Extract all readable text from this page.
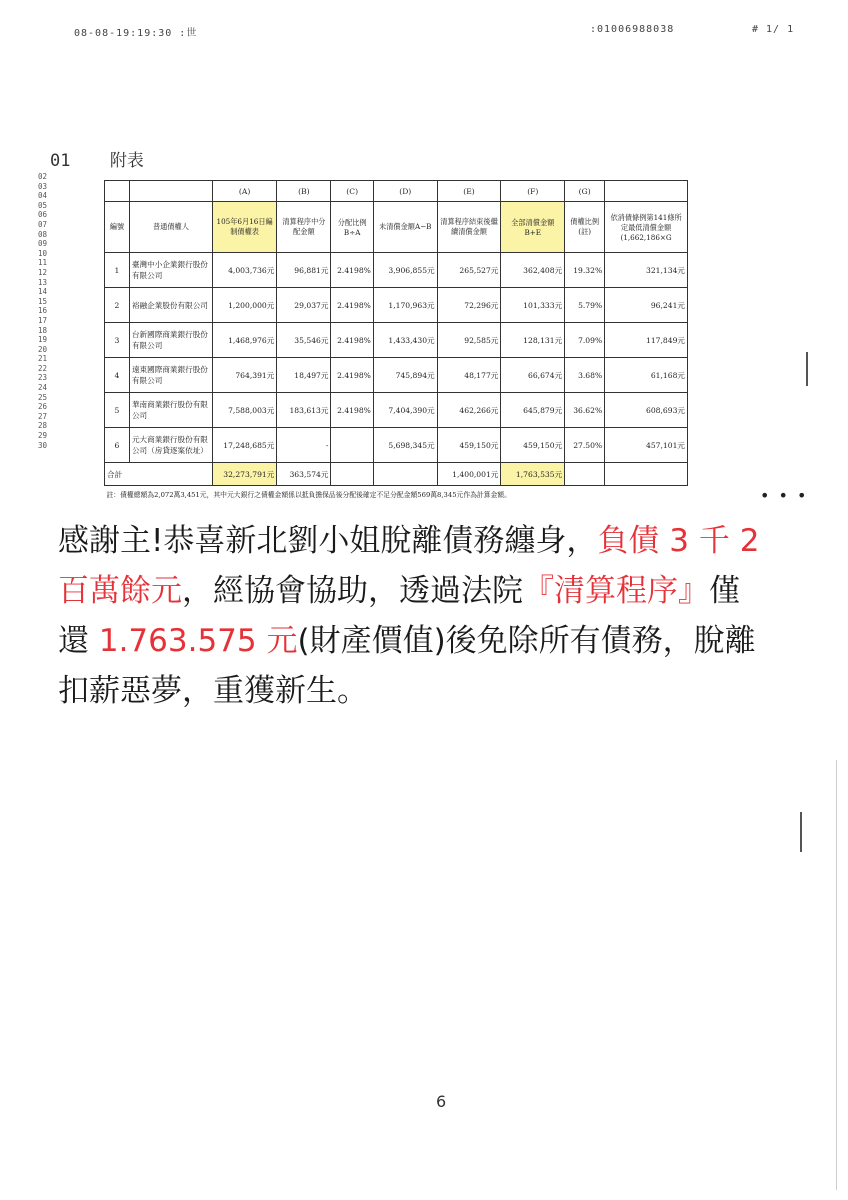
08-08-19:19:30 :世	:01006988038	# 1/ 1
01 附表
02
03
04
05
06
07
08
09
10
11
12
13
14
15
16
17
18
19
20
21
22
23
24
25
26
27
28
29
30
		(A)	(B)	(C)	(D)	(E)	(F)	(G)	
編號	普通債權人	105年6月16日編制債權表	清算程序中分配金額	分配比例B÷A	未清償金額A−B	清算程序結束後繼續清償金額	全部清償金額B+E	債權比例(註)	依消債條例第141條所定最低清償金額(1,662,186×G
1	臺灣中小企業銀行股份有限公司	4,003,736元	96,881元	2.4198%	3,906,855元	265,527元	362,408元	19.32%	321,134元
2	裕融企業股份有限公司	1,200,000元	29,037元	2.4198%	1,170,963元	72,296元	101,333元	5.79%	96,241元
3	台新國際商業銀行股份有限公司	1,468,976元	35,546元	2.4198%	1,433,430元	92,585元	128,131元	7.09%	117,849元
4	遠東國際商業銀行股份有限公司	764,391元	18,497元	2.4198%	745,894元	48,177元	66,674元	3.68%	61,168元
5	華南商業銀行股份有限公司	7,588,003元	183,613元	2.4198%	7,404,390元	462,266元	645,879元	36.62%	608,693元
6	元大商業銀行股份有限公司（房貸逐案依址）	17,248,685元	-		5,698,345元	459,150元	459,150元	27.50%	457,101元
合計		32,273,791元	363,574元			1,400,001元	1,763,535元		
註：債權總額為2,072萬3,451元，其中元大銀行之債權金額係以抵負擔保品後分配後確定不足分配金額569萬8,345元作為計算金額。										• • •
感謝主!恭喜新北劉小姐脫離債務纏身，負債 3 千 2 百萬餘元，經協會協助，透過法院『清算程序』僅還 1.763.575 元(財產價值)後免除所有債務，脫離扣薪惡夢，重獲新生。
6
